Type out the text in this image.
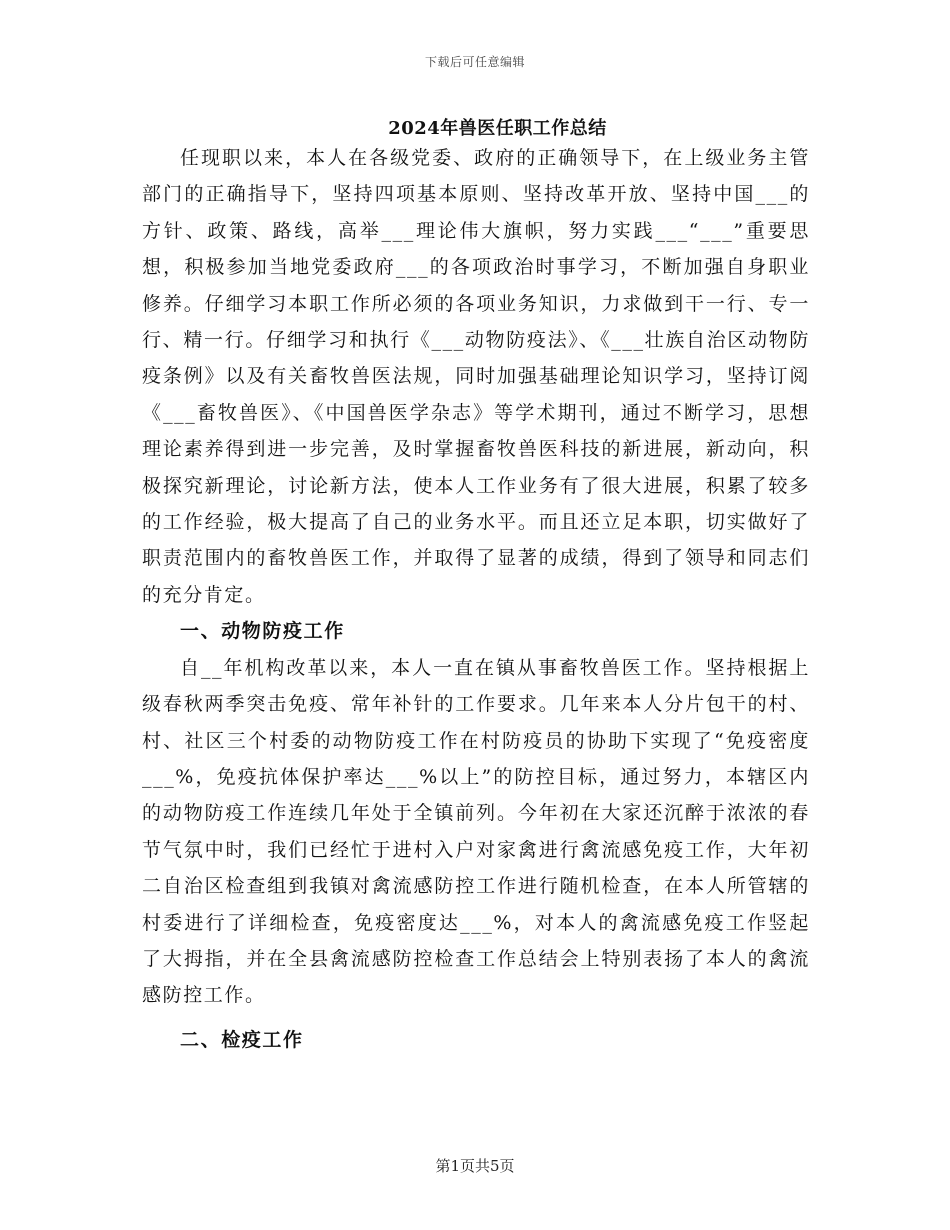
下载后可任意编辑
2024年兽医任职工作总结

任现职以来，本人在各级党委、政府的正确领导下，在上级业务主管部门的正确指导下，坚持四项基本原则、坚持改革开放、坚持中国___的方针、政策、路线，高举___理论伟大旗帜，努力实践___“___”重要思想，积极参加当地党委政府___的各项政治时事学习，不断加强自身职业修养。仔细学习本职工作所必须的各项业务知识，力求做到干一行、专一行、精一行。仔细学习和执行《___动物防疫法》、《___壮族自治区动物防疫条例》以及有关畜牧兽医法规，同时加强基础理论知识学习，坚持订阅《___畜牧兽医》、《中国兽医学杂志》等学术期刊，通过不断学习，思想理论素养得到进一步完善，及时掌握畜牧兽医科技的新进展，新动向，积极探究新理论，讨论新方法，使本人工作业务有了很大进展，积累了较多的工作经验，极大提高了自己的业务水平。而且还立足本职，切实做好了职责范围内的畜牧兽医工作，并取得了显著的成绩，得到了领导和同志们的充分肯定。

一、动物防疫工作

自__年机构改革以来，本人一直在镇从事畜牧兽医工作。坚持根据上级春秋两季突击免疫、常年补针的工作要求。几年来本人分片包干的村、村、社区三个村委的动物防疫工作在村防疫员的协助下实现了“免疫密度___%，免疫抗体保护率达___%以上”的防控目标，通过努力，本辖区内的动物防疫工作连续几年处于全镇前列。今年初在大家还沉醉于浓浓的春节气氛中时，我们已经忙于进村入户对家禽进行禽流感免疫工作，大年初二自治区检查组到我镇对禽流感防控工作进行随机检查，在本人所管辖的村委进行了详细检查，免疫密度达___%，对本人的禽流感免疫工作竖起了大拇指，并在全县禽流感防控检查工作总结会上特别表扬了本人的禽流感防控工作。

二、检疫工作
第1页共5页
